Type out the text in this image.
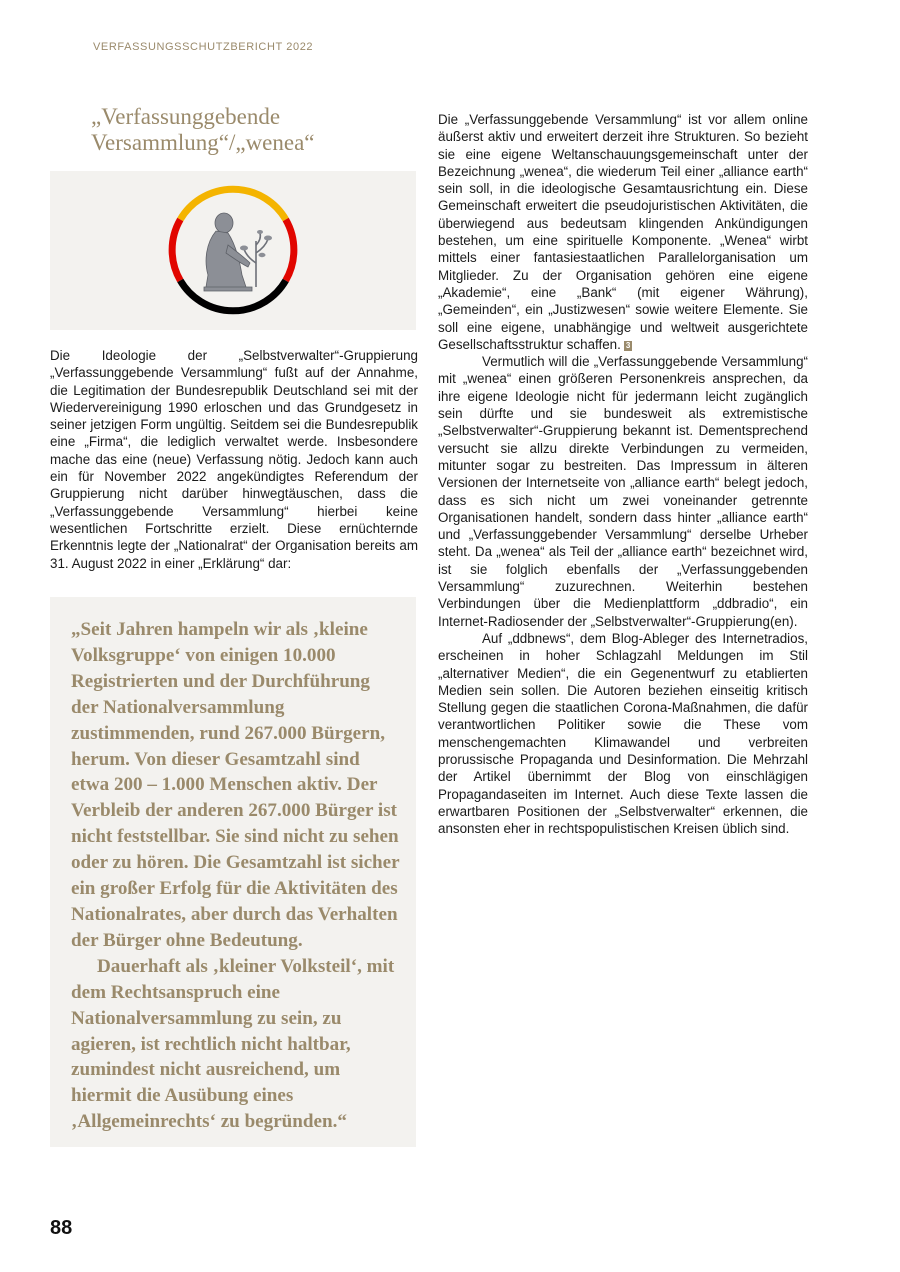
VERFASSUNGSSCHUTZBERICHT 2022
„Verfassunggebende Versammlung“/„wenea“

Die Ideologie der „Selbstverwalter“-Gruppierung „Verfassunggebende Versammlung“ fußt auf der Annahme, die Legitimation der Bundesrepublik Deutschland sei mit der Wiedervereinigung 1990 erloschen und das Grundgesetz in seiner jetzigen Form ungültig. Seitdem sei die Bundesrepublik eine „Firma“, die lediglich verwaltet werde. Insbesondere mache das eine (neue) Verfassung nötig. Jedoch kann auch ein für November 2022 angekündigtes Referendum der Gruppierung nicht darüber hinwegtäuschen, dass die „Verfassunggebende Versammlung“ hierbei keine wesentlichen Fortschritte erzielt. Diese ernüchternde Erkenntnis legte der „Nationalrat“ der Organisation bereits am 31. August 2022 in einer „Erklärung“ dar:

„Seit Jahren hampeln wir als ‚kleine Volksgruppe‘ von einigen 10.000 Registrierten und der Durchführung der Nationalversammlung zustimmenden, rund 267.000 Bürgern, herum. Von dieser Gesamtzahl sind etwa 200 – 1.000 Menschen aktiv. Der Verbleib der anderen 267.000 Bürger ist nicht feststellbar. Sie sind nicht zu sehen oder zu hören. Die Gesamtzahl ist sicher ein großer Erfolg für die Aktivitäten des Nationalrates, aber durch das Verhalten der Bürger ohne Bedeutung.

Dauerhaft als ‚kleiner Volksteil‘, mit dem Rechtsanspruch eine Nationalversammlung zu sein, zu agieren, ist rechtlich nicht haltbar, zumindest nicht ausreichend, um hiermit die Ausübung eines ‚Allgemeinrechts‘ zu begründen.“

Die „Verfassunggebende Versammlung“ ist vor allem online äußerst aktiv und erweitert derzeit ihre Strukturen. So bezieht sie eine eigene Weltanschauungsgemeinschaft unter der Bezeichnung „wenea“, die wiederum Teil einer „alliance earth“ sein soll, in die ideologische Gesamtausrichtung ein. Diese Gemeinschaft erweitert die pseudojuristischen Aktivitäten, die überwiegend aus bedeutsam klingenden Ankündigungen bestehen, um eine spirituelle Komponente. „Wenea“ wirbt mittels einer fantasiestaatlichen Parallelorganisation um Mitglieder. Zu der Organisation gehören eine eigene „Akademie“, eine „Bank“ (mit eigener Währung), „Gemeinden“, ein „Justizwesen“ sowie weitere Elemente. Sie soll eine eigene, unabhängige und weltweit ausgerichtete Gesellschaftsstruktur schaffen. 3

Vermutlich will die „Verfassunggebende Versammlung“ mit „wenea“ einen größeren Personenkreis ansprechen, da ihre eigene Ideologie nicht für jedermann leicht zugänglich sein dürfte und sie bundesweit als extremistische „Selbstverwalter“-Gruppierung bekannt ist. Dementsprechend versucht sie allzu direkte Verbindungen zu vermeiden, mitunter sogar zu bestreiten. Das Impressum in älteren Versionen der Internetseite von „alliance earth“ belegt jedoch, dass es sich nicht um zwei voneinander getrennte Organisationen handelt, sondern dass hinter „alliance earth“ und „Verfassunggebender Versammlung“ derselbe Urheber steht. Da „wenea“ als Teil der „alliance earth“ bezeichnet wird, ist sie folglich ebenfalls der „Verfassunggebenden Versammlung“ zuzurechnen. Weiterhin bestehen Verbindungen über die Medienplattform „ddbradio“, ein Internet-Radiosender der „Selbstverwalter“-Gruppierung(en).

Auf „ddbnews“, dem Blog-Ableger des Internetradios, erscheinen in hoher Schlagzahl Meldungen im Stil „alternativer Medien“, die ein Gegenentwurf zu etablierten Medien sein sollen. Die Autoren beziehen einseitig kritisch Stellung gegen die staatlichen Corona-Maßnahmen, die dafür verantwortlichen Politiker sowie die These vom menschengemachten Klimawandel und verbreiten prorussische Propaganda und Desinformation. Die Mehrzahl der Artikel übernimmt der Blog von einschlägigen Propagandaseiten im Internet. Auch diese Texte lassen die erwartbaren Positionen der „Selbstverwalter“ erkennen, die ansonsten eher in rechtspopulistischen Kreisen üblich sind.

88
